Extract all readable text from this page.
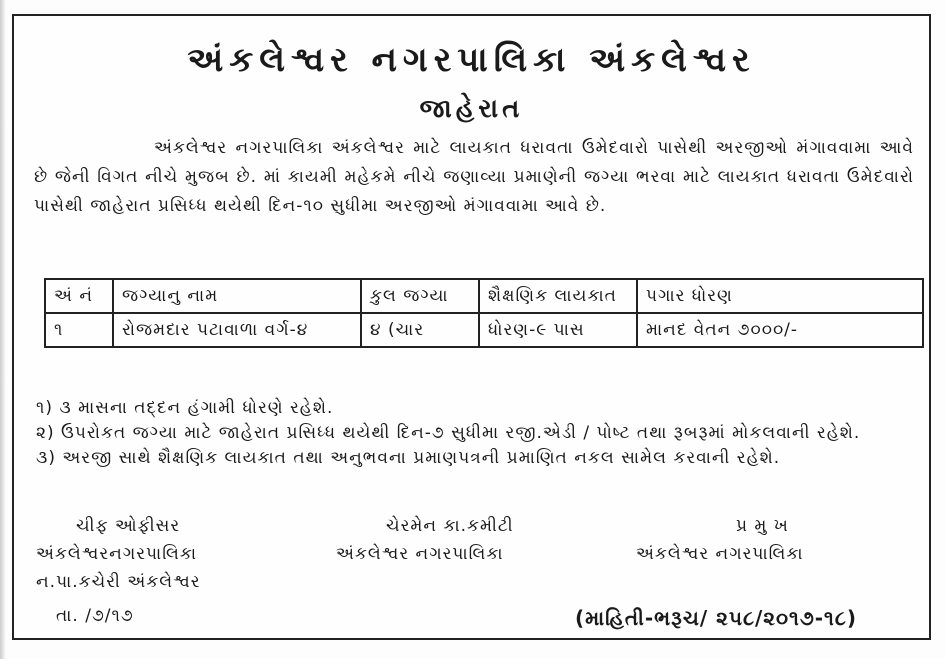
અંકલેશ્વર નગરપાલિકા અંકલેશ્વર
જાહેરાત
અંકલેશ્વર નગરપાલિકા અંકલેશ્વર માટે લાયકાત ધરાવતા ઉમેદવારો પાસેથી અરજીઓ મંગાવવામા આવે છે જેની વિગત નીચે મુજબ છે. માં કાયમી મહેકમે નીચે જણાવ્યા પ્રમાણેની જગ્યા ભરવા માટે લાયકાત ધરાવતા ઉમેદવારો પાસેથી જાહેરાત પ્રસિધ્ધ થયેથી દિન-૧૦ સુધીમા અરજીઓ મંગાવવામા આવે છે.
અં નં	જગ્યાનુ નામ	કુલ જગ્યા	શૈક્ષણિક લાયકાત	પગાર ધોરણ
૧	રોજમદાર પટાવાળા વર્ગ-૪	૪ (ચાર	ધોરણ-૯ પાસ	માનદ વેતન ૭૦૦૦/-

૧) ૩ માસના તદ્દન હંગામી ધોરણે રહેશે.

૨) ઉપરોકત જગ્યા માટે જાહેરાત પ્રસિધ્ધ થયેથી દિન-૭ સુધીમા રજી.એડી / પોષ્ટ તથા રૂબરૂમાં મોકલવાની રહેશે.

૩) અરજી સાથે શૈક્ષણિક લાયકાત તથા અનુભવના પ્રમાણપત્રની પ્રમાણિત નકલ સામેલ કરવાની રહેશે.

ચીફ ઓફીસર	ચેરમેન કા.કમીટી	પ્ર મુ ખ
અંકલેશ્વરનગરપાલિકા	અંકલેશ્વર નગરપાલિકા	અંકલેશ્વર નગરપાલિકા
ન.પા.કચેરી અંકલેશ્વર
તા. /૭/૧૭	(માહિતી-ભરૂચ/ ૨૫૮/૨૦૧૭-૧૮)
